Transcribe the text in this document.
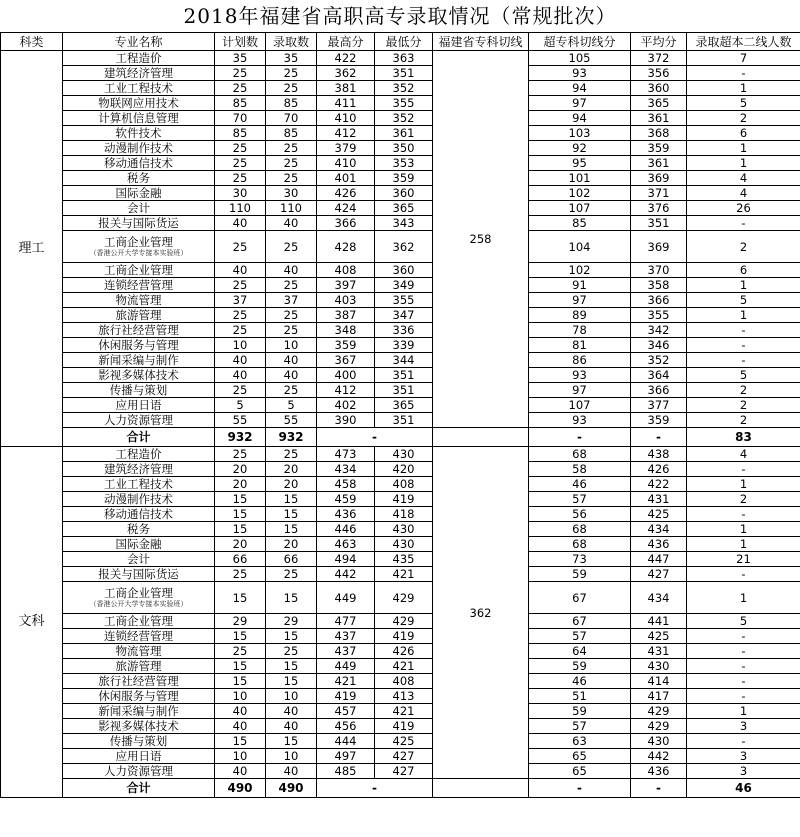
2018年福建省高职高专录取情况（常规批次）
科类	专业名称	计划数	录取数	最高分	最低分	福建省专科切线	超专科切线分	平均分	录取超本二线人数
理工	工程造价	35	35	422	363	258	105	372	7
	建筑经济管理	25	25	362	351		93	356	-
	工业工程技术	25	25	381	352		94	360	1
	物联网应用技术	85	85	411	355		97	365	5
	计算机信息管理	70	70	410	352		94	361	2
	软件技术	85	85	412	361		103	368	6
	动漫制作技术	25	25	379	350		92	359	1
	移动通信技术	25	25	410	353		95	361	1
	税务	25	25	401	359		101	369	4
	国际金融	30	30	426	360		102	371	4
	会计	110	110	424	365		107	376	26
	报关与国际货运	40	40	366	343		85	351	-
	工商企业管理
（香港公开大学专接本实验班）	25	25	428	362		104	369	2
	工商企业管理	40	40	408	360		102	370	6
	连锁经营管理	25	25	397	349		91	358	1
	物流管理	37	37	403	355		97	366	5
	旅游管理	25	25	387	347		89	355	1
	旅行社经营管理	25	25	348	336		78	342	-
	休闲服务与管理	10	10	359	339		81	346	-
	新闻采编与制作	40	40	367	344		86	352	-
	影视多媒体技术	40	40	400	351		93	364	5
	传播与策划	25	25	412	351		97	366	2
	应用日语	5	5	402	365		107	377	2
	人力资源管理	55	55	390	351		93	359	2
	合计	932	932	-			-	-	83
文科	工程造价	25	25	473	430	362	68	438	4
	建筑经济管理	20	20	434	420		58	426	-
	工业工程技术	20	20	458	408		46	422	1
	动漫制作技术	15	15	459	419		57	431	2
	移动通信技术	15	15	436	418		56	425	-
	税务	15	15	446	430		68	434	1
	国际金融	20	20	463	430		68	436	1
	会计	66	66	494	435		73	447	21
	报关与国际货运	25	25	442	421		59	427	-
	工商企业管理
（香港公开大学专接本实验班）	15	15	449	429		67	434	1
	工商企业管理	29	29	477	429		67	441	5
	连锁经营管理	15	15	437	419		57	425	-
	物流管理	25	25	437	426		64	431	-
	旅游管理	15	15	449	421		59	430	-
	旅行社经营管理	15	15	421	408		46	414	-
	休闲服务与管理	10	10	419	413		51	417	-
	新闻采编与制作	40	40	457	421		59	429	1
	影视多媒体技术	40	40	456	419		57	429	3
	传播与策划	15	15	444	425		63	430	-
	应用日语	10	10	497	427		65	442	3
	人力资源管理	40	40	485	427		65	436	3
	合计	490	490	-			-	-	46
